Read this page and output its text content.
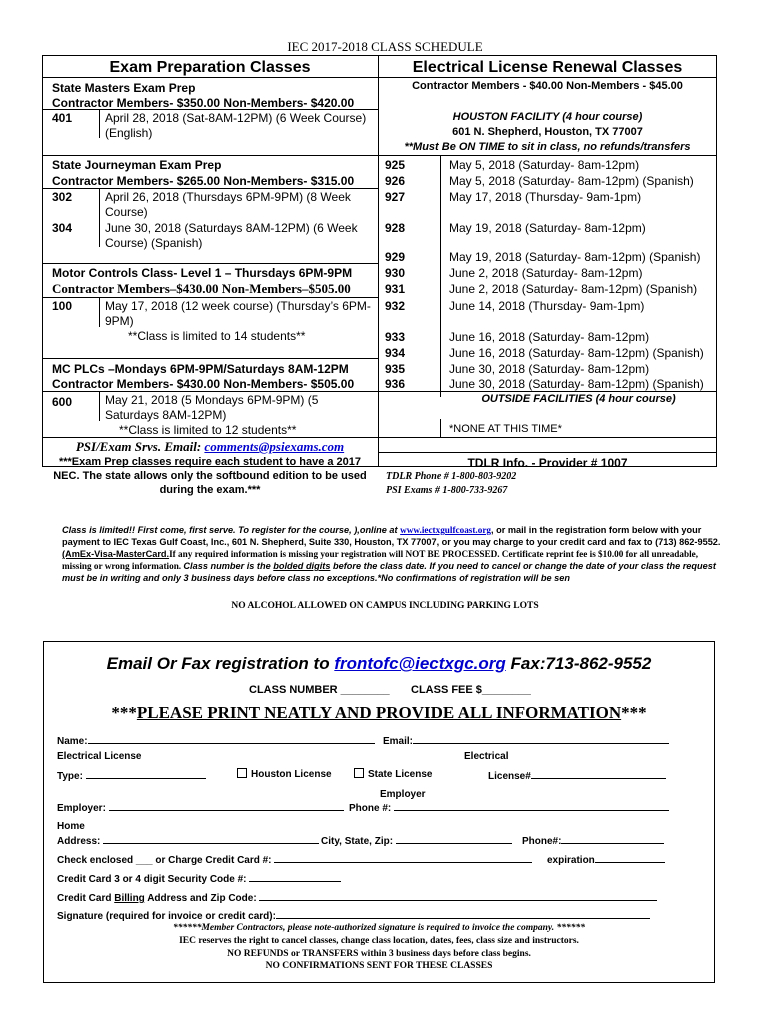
IEC 2017-2018 CLASS SCHEDULE
Exam Preparation Classes
State Masters Exam Prep
Contractor Members- $350.00 Non-Members- $420.00
401	April 28, 2018 (Sat-8AM-12PM) (6 Week Course) (English)
State Journeyman Exam Prep
Contractor Members- $265.00 Non-Members- $315.00
302	April 26, 2018 (Thursdays 6PM-9PM) (8 Week Course)
304	June 30, 2018 (Saturdays 8AM-12PM) (6 Week Course) (Spanish)
Motor Controls Class- Level 1 – Thursdays 6PM-9PM
Contractor Members–$430.00 Non-Members–$505.00
100	May 17, 2018 (12 week course) (Thursday’s 6PM-9PM)
**Class is limited to 14 students**
MC PLCs –Mondays 6PM-9PM/Saturdays 8AM-12PM
Contractor Members- $430.00 Non-Members- $505.00
600	May 21, 2018 (5 Mondays 6PM-9PM) (5 Saturdays 8AM-12PM)
**Class is limited to 12 students**
PSI/Exam Srvs. Email: comments@psiexams.com
***Exam Prep classes require each student to have a 2017 NEC. The state allows only the softbound edition to be used during the exam.***
Electrical License Renewal Classes
Contractor Members - $40.00 Non-Members - $45.00
HOUSTON FACILITY (4 hour course)
601 N. Shepherd, Houston, TX 77007
**Must Be ON TIME to sit in class, no refunds/transfers
925	May 5, 2018 (Saturday- 8am-12pm)
926	May 5, 2018 (Saturday- 8am-12pm) (Spanish)
927	May 17, 2018 (Thursday- 9am-1pm)
928	May 19, 2018 (Saturday- 8am-12pm)
929	May 19, 2018 (Saturday- 8am-12pm) (Spanish)
930	June 2, 2018 (Saturday- 8am-12pm)
931	June 2, 2018 (Saturday- 8am-12pm) (Spanish)
932	June 14, 2018 (Thursday- 9am-1pm)
933	June 16, 2018 (Saturday- 8am-12pm)
934	June 16, 2018 (Saturday- 8am-12pm) (Spanish)
935	June 30, 2018 (Saturday- 8am-12pm)
936	June 30, 2018 (Saturday- 8am-12pm) (Spanish)
OUTSIDE FACILITIES (4 hour course)
*NONE AT THIS TIME*
TDLR Info. - Provider # 1007
TDLR Phone # 1-800-803-9202
PSI Exams # 1-800-733-9267
Class is limited!! First come, first serve. To register for the course, ),online at www.iectxgulfcoast.org, or mail in the registration form below with your payment to IEC Texas Gulf Coast, Inc., 601 N. Shepherd, Suite 330, Houston, TX 77007, or you may charge to your credit card and fax to (713) 862-9552. (AmEx-Visa-MasterCard.If any required information is missing your registration will NOT BE PROCESSED. Certificate reprint fee is $10.00 for all unreadable, missing or wrong information. Class number is the bolded digits before the class date. If you need to cancel or change the date of your class the request must be in writing and only 3 business days before class no exceptions.*No confirmations of registration will be sen
NO ALCOHOL ALLOWED ON CAMPUS INCLUDING PARKING LOTS
Email Or Fax registration to frontofc@iectxgc.org Fax:713-862-9552
CLASS NUMBER ________ CLASS FEE $________
***PLEASE PRINT NEATLY AND PROVIDE ALL INFORMATION***
Name:	Email:
Electrical License	Electrical
Type:	Houston License	State License	License#
Employer
Employer:	Phone #:
Home
Address:	City, State, Zip:	Phone#:
Check enclosed ___ or Charge Credit Card #:	expiration
Credit Card 3 or 4 digit Security Code #:
Credit Card Billing Address and Zip Code:
Signature (required for invoice or credit card):
******Member Contractors, please note-authorized signature is required to invoice the company. ******
IEC reserves the right to cancel classes, change class location, dates, fees, class size and instructors.
NO REFUNDS or TRANSFERS within 3 business days before class begins.
NO CONFIRMATIONS SENT FOR THESE CLASSES
